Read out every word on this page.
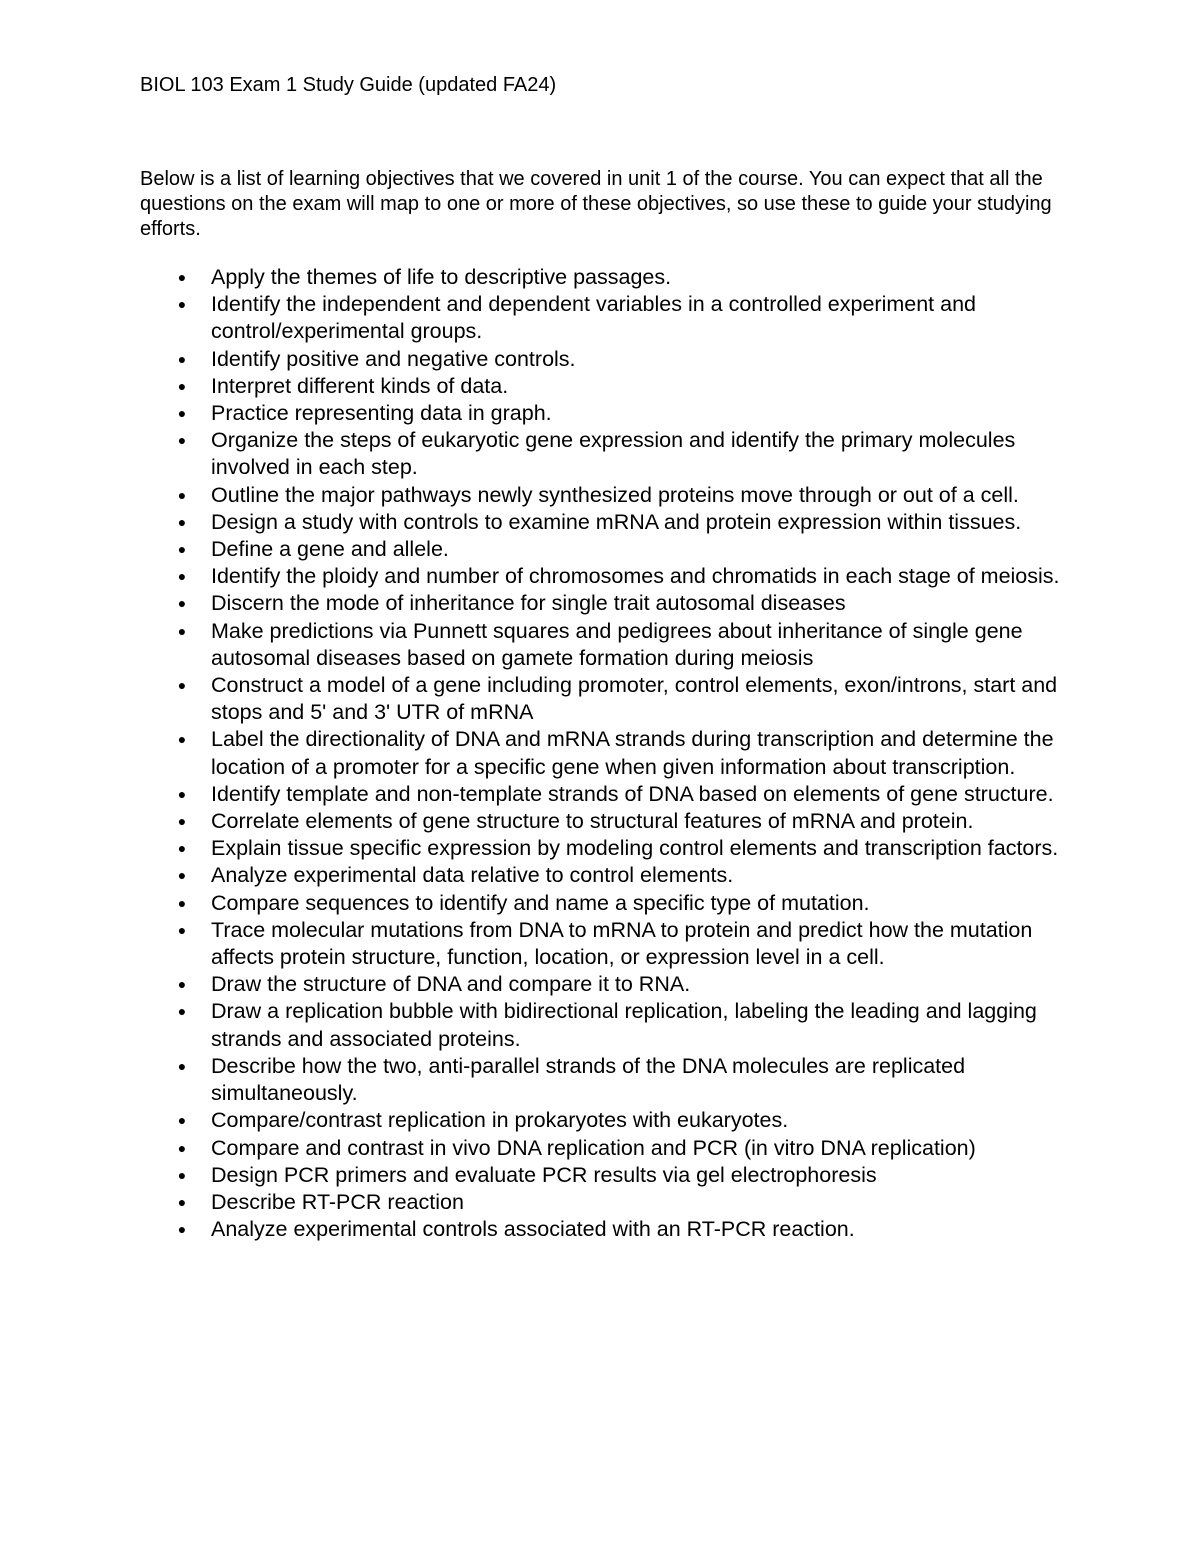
BIOL 103 Exam 1 Study Guide (updated FA24)

Below is a list of learning objectives that we covered in unit 1 of the course. You can expect that all the questions on the exam will map to one or more of these objectives, so use these to guide your studying efforts.

● Apply the themes of life to descriptive passages.
● Identify the independent and dependent variables in a controlled experiment and control/experimental groups.
● Identify positive and negative controls.
● Interpret different kinds of data.
● Practice representing data in graph.
● Organize the steps of eukaryotic gene expression and identify the primary molecules involved in each step.
● Outline the major pathways newly synthesized proteins move through or out of a cell.
● Design a study with controls to examine mRNA and protein expression within tissues.
● Define a gene and allele.
● Identify the ploidy and number of chromosomes and chromatids in each stage of meiosis.
● Discern the mode of inheritance for single trait autosomal diseases
● Make predictions via Punnett squares and pedigrees about inheritance of single gene autosomal diseases based on gamete formation during meiosis
● Construct a model of a gene including promoter, control elements, exon/introns, start and stops and 5' and 3' UTR of mRNA
● Label the directionality of DNA and mRNA strands during transcription and determine the location of a promoter for a specific gene when given information about transcription.
● Identify template and non-template strands of DNA based on elements of gene structure.
● Correlate elements of gene structure to structural features of mRNA and protein.
● Explain tissue specific expression by modeling control elements and transcription factors.
● Analyze experimental data relative to control elements.
● Compare sequences to identify and name a specific type of mutation.
● Trace molecular mutations from DNA to mRNA to protein and predict how the mutation affects protein structure, function, location, or expression level in a cell.
● Draw the structure of DNA and compare it to RNA.
● Draw a replication bubble with bidirectional replication, labeling the leading and lagging strands and associated proteins.
● Describe how the two, anti-parallel strands of the DNA molecules are replicated simultaneously.
● Compare/contrast replication in prokaryotes with eukaryotes.
● Compare and contrast in vivo DNA replication and PCR (in vitro DNA replication)
● Design PCR primers and evaluate PCR results via gel electrophoresis
● Describe RT-PCR reaction
● Analyze experimental controls associated with an RT-PCR reaction.
